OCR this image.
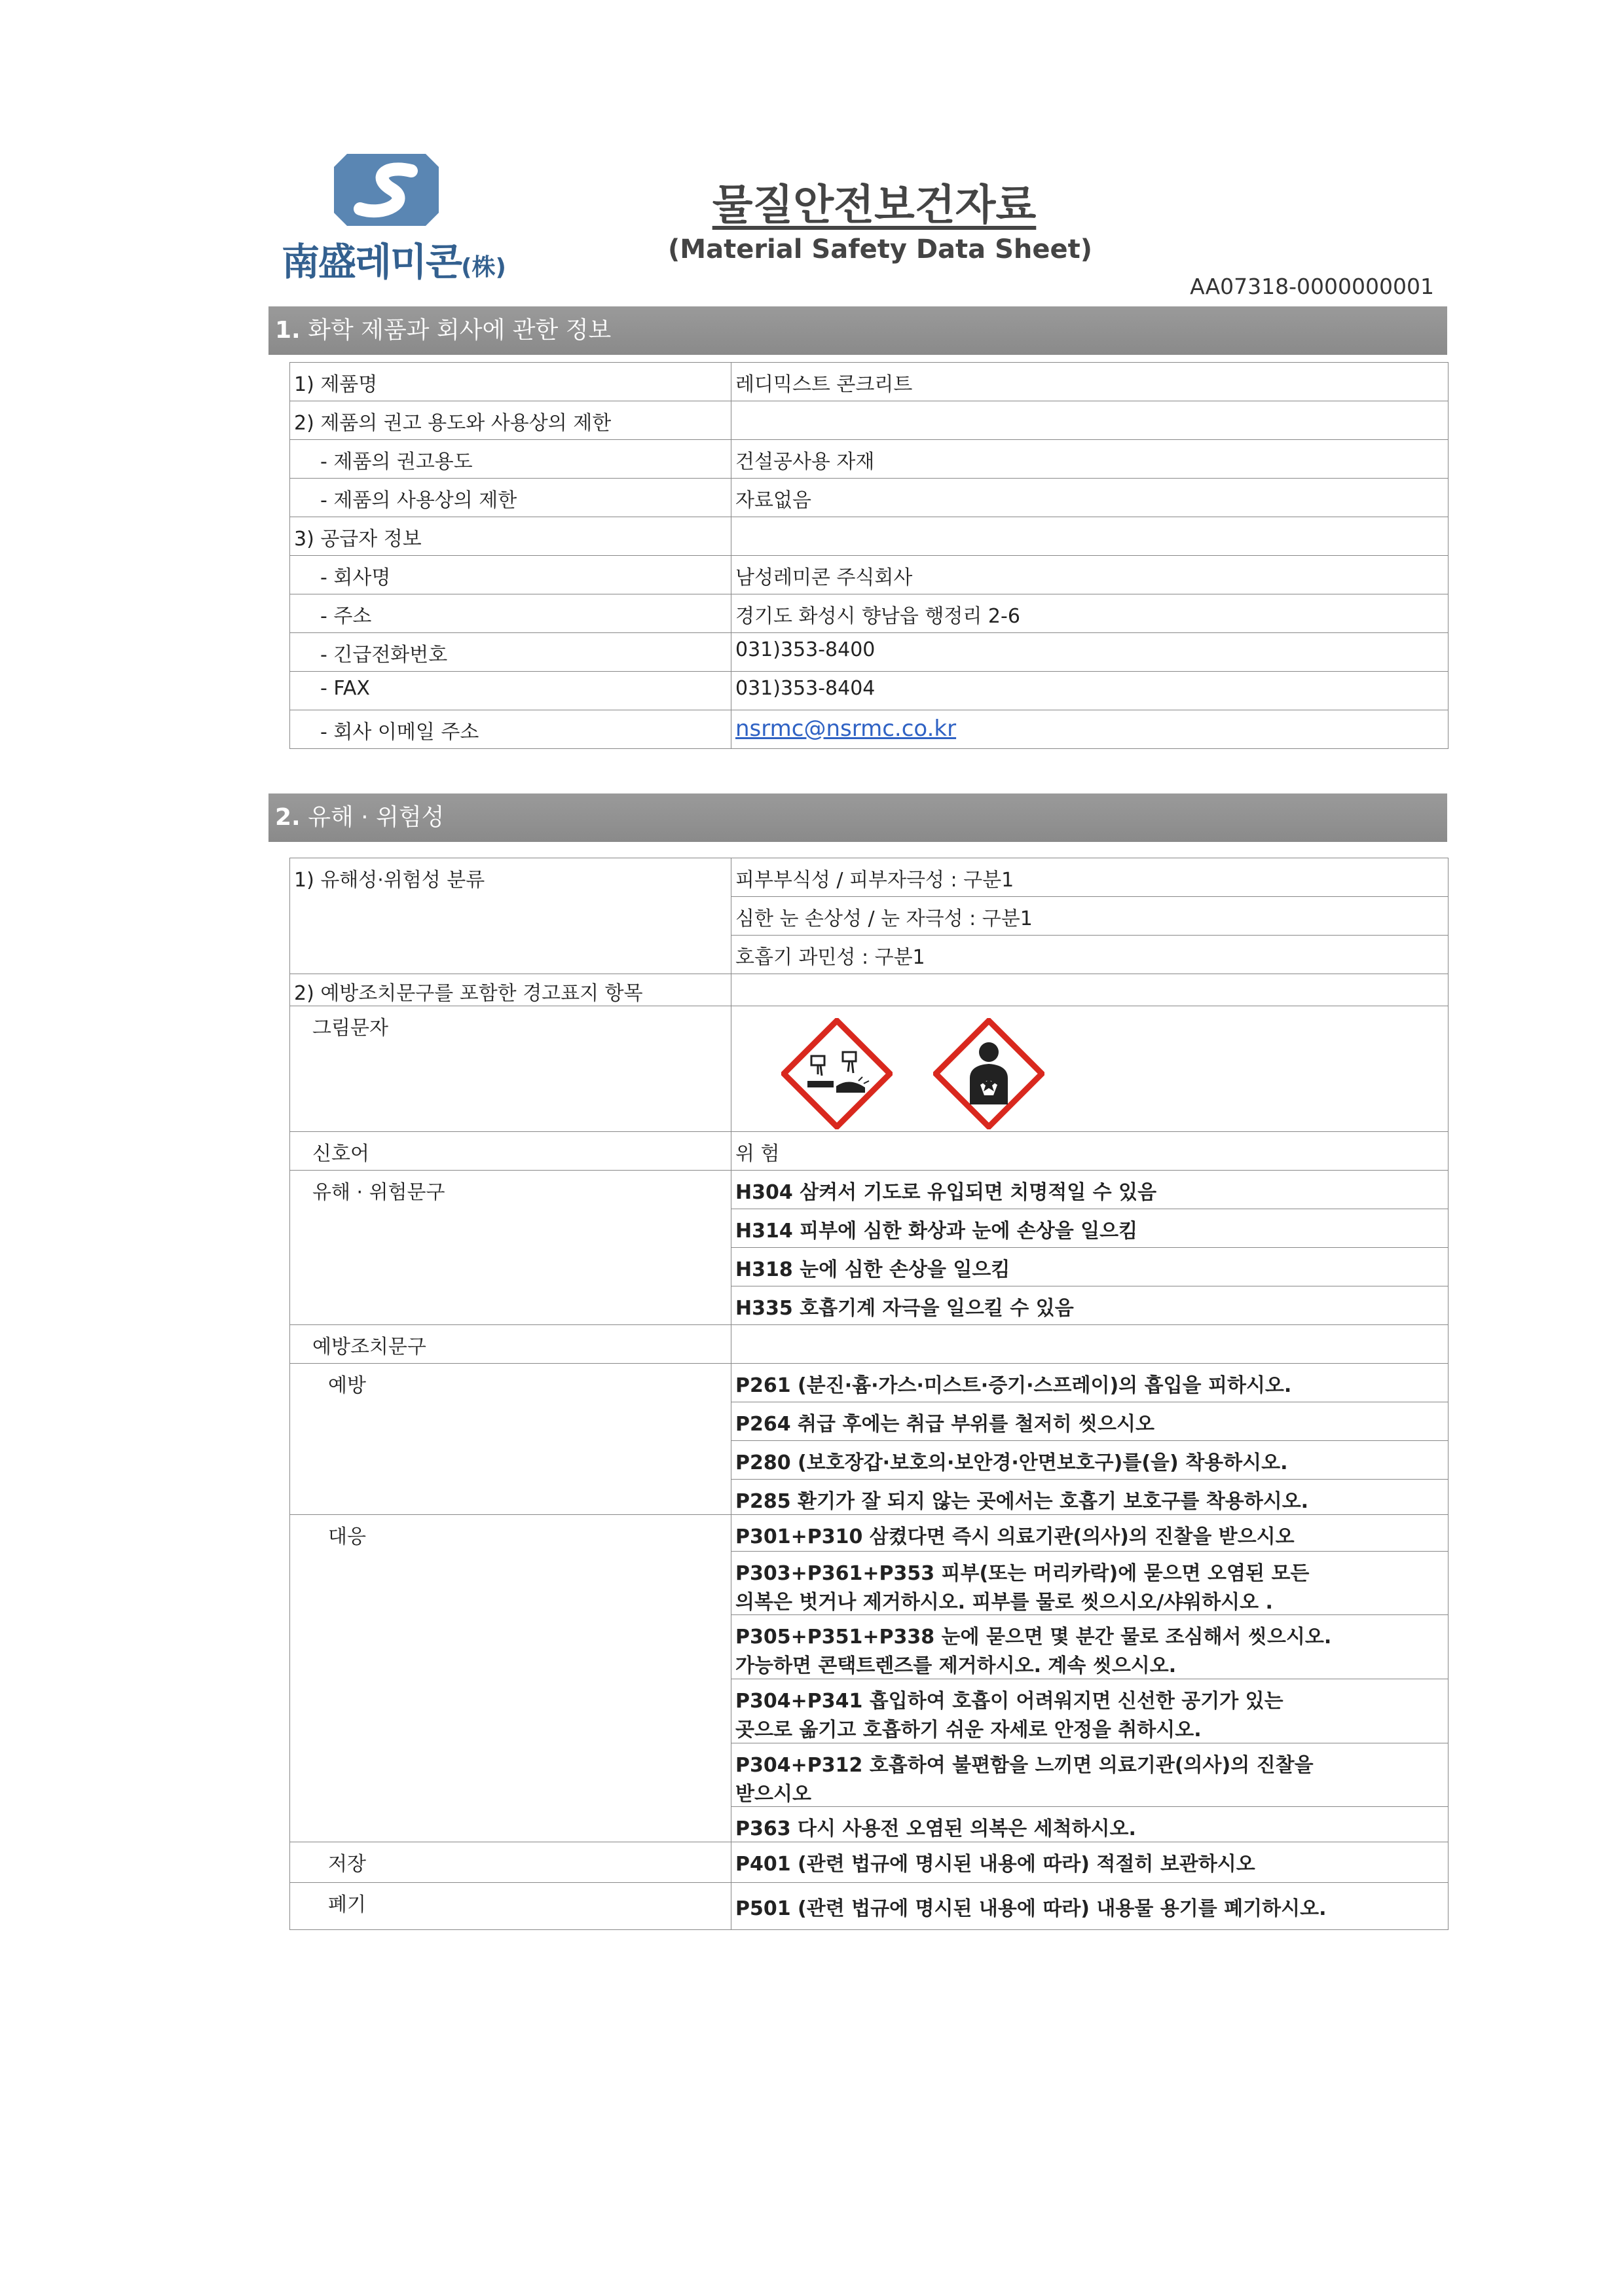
南盛레미콘(株)
물질안전보건자료
(Material Safety Data Sheet)
AA07318-0000000001
1. 화학 제품과 회사에 관한 정보
1) 제품명	레디믹스트 콘크리트

2) 제품의 권고 용도와 사용상의 제한	

- 제품의 권고용도	건설공사용 자재

- 제품의 사용상의 제한	자료없음

3) 공급자 정보	

- 회사명	남성레미콘 주식회사

- 주소	경기도 화성시 향남읍 행정리 2-6

- 긴급전화번호	031)353-8400

- FAX	031)353-8404

- 회사 이메일 주소	nsrmc@nsrmc.co.kr
2. 유해 · 위험성
1) 유해성·위험성 분류	피부부식성 / 피부자극성 : 구분1
	심한 눈 손상성 / 눈 자극성 : 구분1
	호흡기 과민성 : 구분1

2) 예방조치문구를 포함한 경고표지 항목	

그림문자

신호어	위 험

유해 · 위험문구	H304 삼켜서 기도로 유입되면 치명적일 수 있음
	H314 피부에 심한 화상과 눈에 손상을 일으킴
	H318 눈에 심한 손상을 일으킴
	H335 호흡기계 자극을 일으킬 수 있음

예방조치문구	

예방	P261 (분진·흄·가스·미스트·증기·스프레이)의 흡입을 피하시오.
	P264 취급 후에는 취급 부위를 철저히 씻으시오
	P280 (보호장갑·보호의·보안경·안면보호구)를(을) 착용하시오.
	P285 환기가 잘 되지 않는 곳에서는 호흡기 보호구를 착용하시오.

대응	P301+P310 삼켰다면 즉시 의료기관(의사)의 진찰을 받으시오

	P303+P361+P353 피부(또는 머리카락)에 묻으면 오염된 모든
의복은 벗거나 제거하시오. 피부를 물로 씻으시오/샤워하시오 .

	P305+P351+P338 눈에 묻으면 몇 분간 물로 조심해서 씻으시오.
가능하면 콘택트렌즈를 제거하시오. 계속 씻으시오.

	P304+P341 흡입하여 호흡이 어려워지면 신선한 공기가 있는
곳으로 옮기고 호흡하기 쉬운 자세로 안정을 취하시오.

	P304+P312 호흡하여 불편함을 느끼면 의료기관(의사)의 진찰을
받으시오

	P363 다시 사용전 오염된 의복은 세척하시오.

저장	P401 (관련 법규에 명시된 내용에 따라) 적절히 보관하시오

폐기	P501 (관련 법규에 명시된 내용에 따라) 내용물 용기를 폐기하시오.
